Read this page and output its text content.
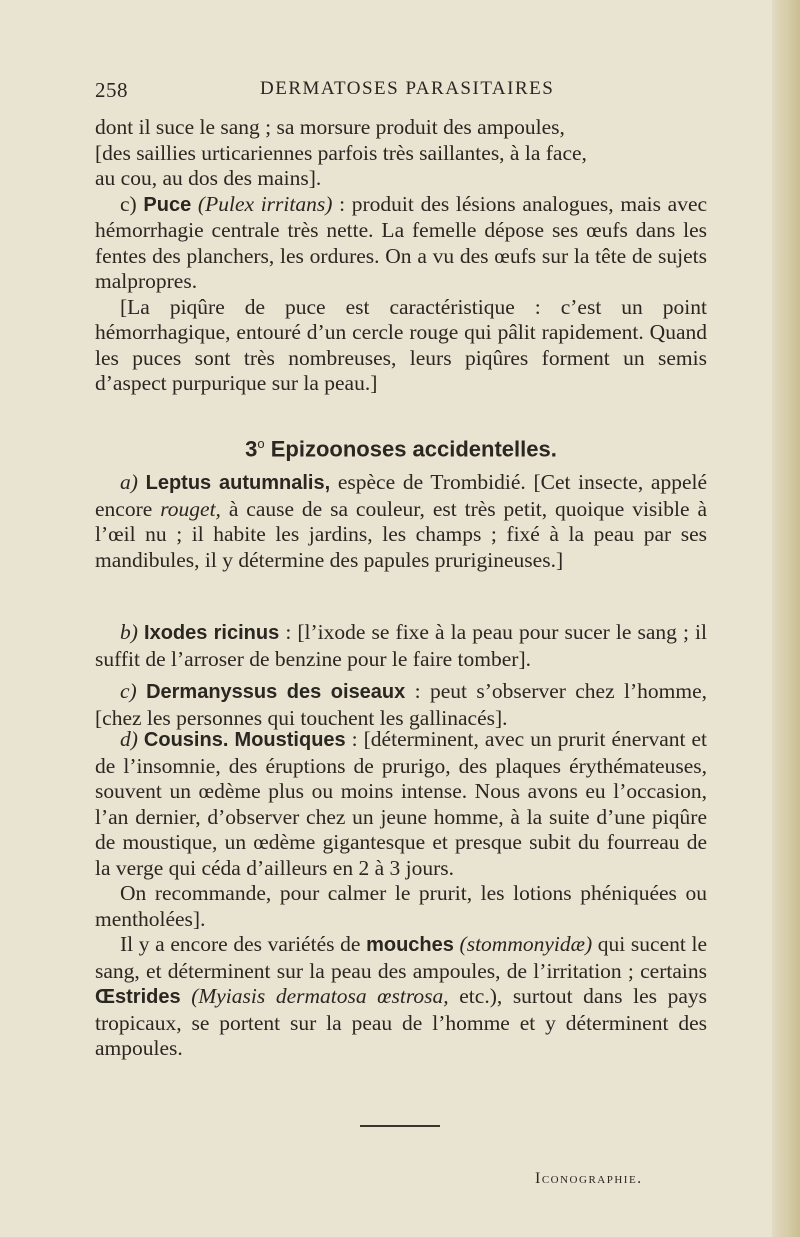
258	DERMATOSES PARASITAIRES

dont il suce le sang ; sa morsure produit des ampoules,

[des saillies urticariennes parfois très saillantes, à la face,

au cou, au dos des mains].

c) Puce (Pulex irritans) : produit des lésions analogues, mais avec hémorrhagie centrale très nette. La femelle dépose ses œufs dans les fentes des planchers, les ordures. On a vu des œufs sur la tête de sujets malpropres.

[La piqûre de puce est caractéristique : c’est un point hémorrhagique, entouré d’un cercle rouge qui pâlit rapidement. Quand les puces sont très nombreuses, leurs piqûres forment un semis d’aspect purpurique sur la peau.]

3$^o$ Epizoonoses accidentelles.

a) Leptus autumnalis, espèce de Trombidié. [Cet insecte, appelé encore rouget, à cause de sa couleur, est très petit, quoique visible à l’œil nu ; il habite les jardins, les champs ; fixé à la peau par ses mandibules, il y détermine des papules prurigineuses.]

b) Ixodes ricinus : [l’ixode se fixe à la peau pour sucer le sang ; il suffit de l’arroser de benzine pour le faire tomber].

c) Dermanyssus des oiseaux : peut s’observer chez l’homme, [chez les personnes qui touchent les gallinacés].

d) Cousins. Moustiques : [déterminent, avec un prurit énervant et de l’insomnie, des éruptions de prurigo, des plaques érythémateuses, souvent un œdème plus ou moins intense. Nous avons eu l’occasion, l’an dernier, d’observer chez un jeune homme, à la suite d’une piqûre de moustique, un œdème gigantesque et presque subit du fourreau de la verge qui céda d’ailleurs en 2 à 3 jours.

On recommande, pour calmer le prurit, les lotions phéniquées ou mentholées].

Il y a encore des variétés de mouches (stommonyidæ) qui sucent le sang, et déterminent sur la peau des ampoules, de l’irritation ; certains Œstrides (Myiasis dermatosa œstrosa, etc.), surtout dans les pays tropicaux, se portent sur la peau de l’homme et y déterminent des ampoules.

Iconographie.
